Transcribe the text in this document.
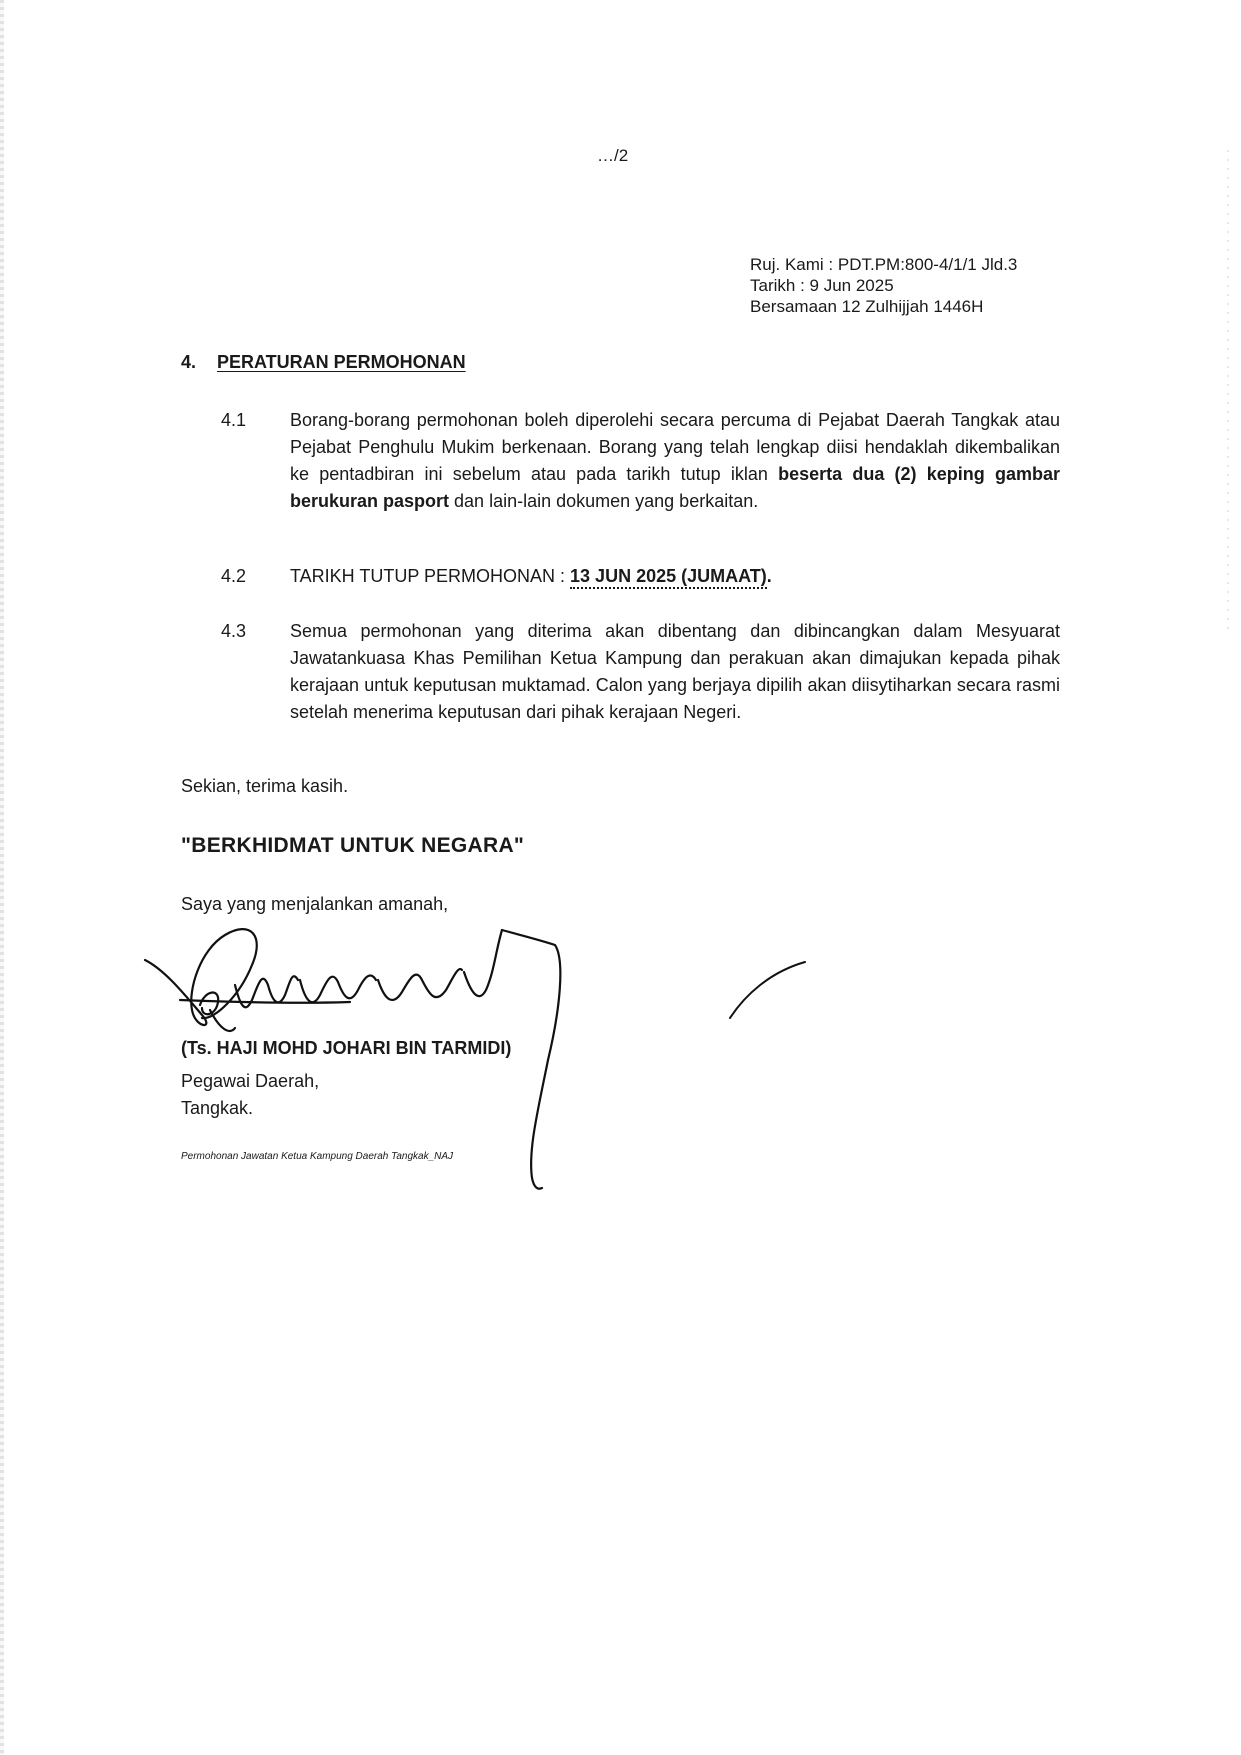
…/2
Ruj. Kami : PDT.PM:800-4/1/1 Jld.3
Tarikh : 9 Jun 2025
Bersamaan 12 Zulhijjah 1446H
4. PERATURAN PERMOHONAN
4.1 Borang-borang permohonan boleh diperolehi secara percuma di Pejabat Daerah Tangkak atau Pejabat Penghulu Mukim berkenaan. Borang yang telah lengkap diisi hendaklah dikembalikan ke pentadbiran ini sebelum atau pada tarikh tutup iklan beserta dua (2) keping gambar berukuran pasport dan lain-lain dokumen yang berkaitan.
4.2 TARIKH TUTUP PERMOHONAN : 13 JUN 2025 (JUMAAT).
4.3 Semua permohonan yang diterima akan dibentang dan dibincangkan dalam Mesyuarat Jawatankuasa Khas Pemilihan Ketua Kampung dan perakuan akan dimajukan kepada pihak kerajaan untuk keputusan muktamad. Calon yang berjaya dipilih akan diisytiharkan secara rasmi setelah menerima keputusan dari pihak kerajaan Negeri.
Sekian, terima kasih.
"BERKHIDMAT UNTUK NEGARA"
Saya yang menjalankan amanah,
(Ts. HAJI MOHD JOHARI BIN TARMIDI)
Pegawai Daerah,
Tangkak.
Permohonan Jawatan Ketua Kampung Daerah Tangkak_NAJ
